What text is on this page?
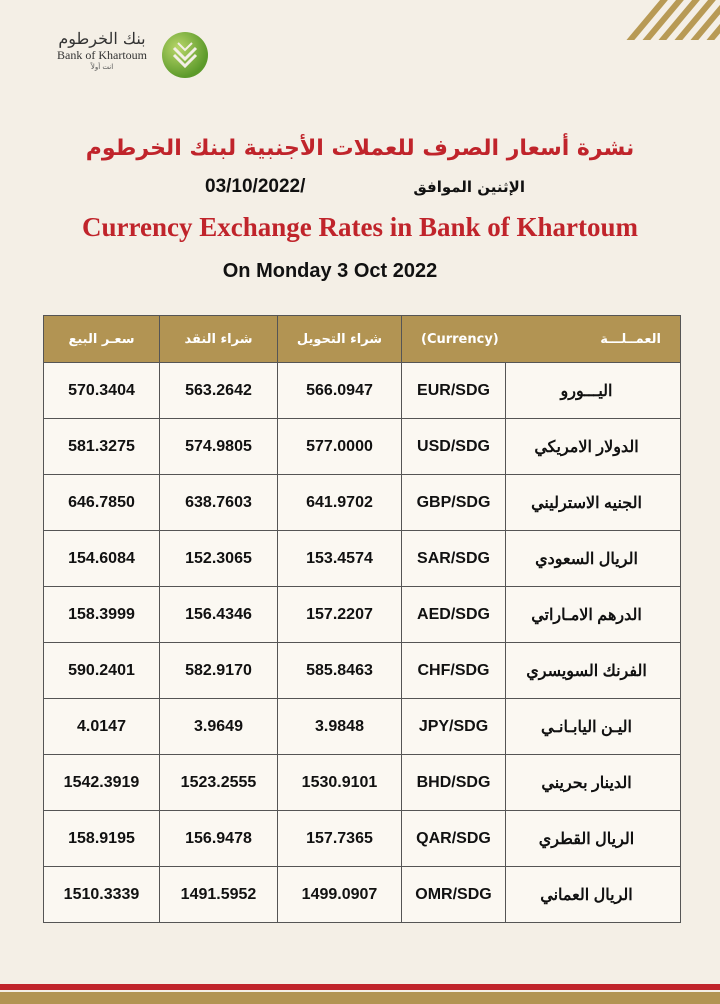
بنك الخرطوم
Bank of Khartoum
انت أولاً
نشرة أسعار الصرف للعملات الأجنبية لبنك الخرطوم
03/10/2022/	الإثنين الموافق
Currency Exchange Rates in Bank of Khartoum
On Monday 3 Oct 2022
سعـر البيع	شراء النقد	شراء التحويل	(Currency) العمــلـــة	

570.3404	563.2642	566.0947	EUR/SDG	اليـــورو
581.3275	574.9805	577.0000	USD/SDG	الدولار الامريكي
646.7850	638.7603	641.9702	GBP/SDG	الجنيه الاسترليني
154.6084	152.3065	153.4574	SAR/SDG	الريال السعودي
158.3999	156.4346	157.2207	AED/SDG	الدرهم الامـاراتي
590.2401	582.9170	585.8463	CHF/SDG	الفرنك السويسري
4.0147	3.9649	3.9848	JPY/SDG	اليـن اليابـانـي
1542.3919	1523.2555	1530.9101	BHD/SDG	الدينار بحريني
158.9195	156.9478	157.7365	QAR/SDG	الريال القطري
1510.3339	1491.5952	1499.0907	OMR/SDG	الريال العماني
